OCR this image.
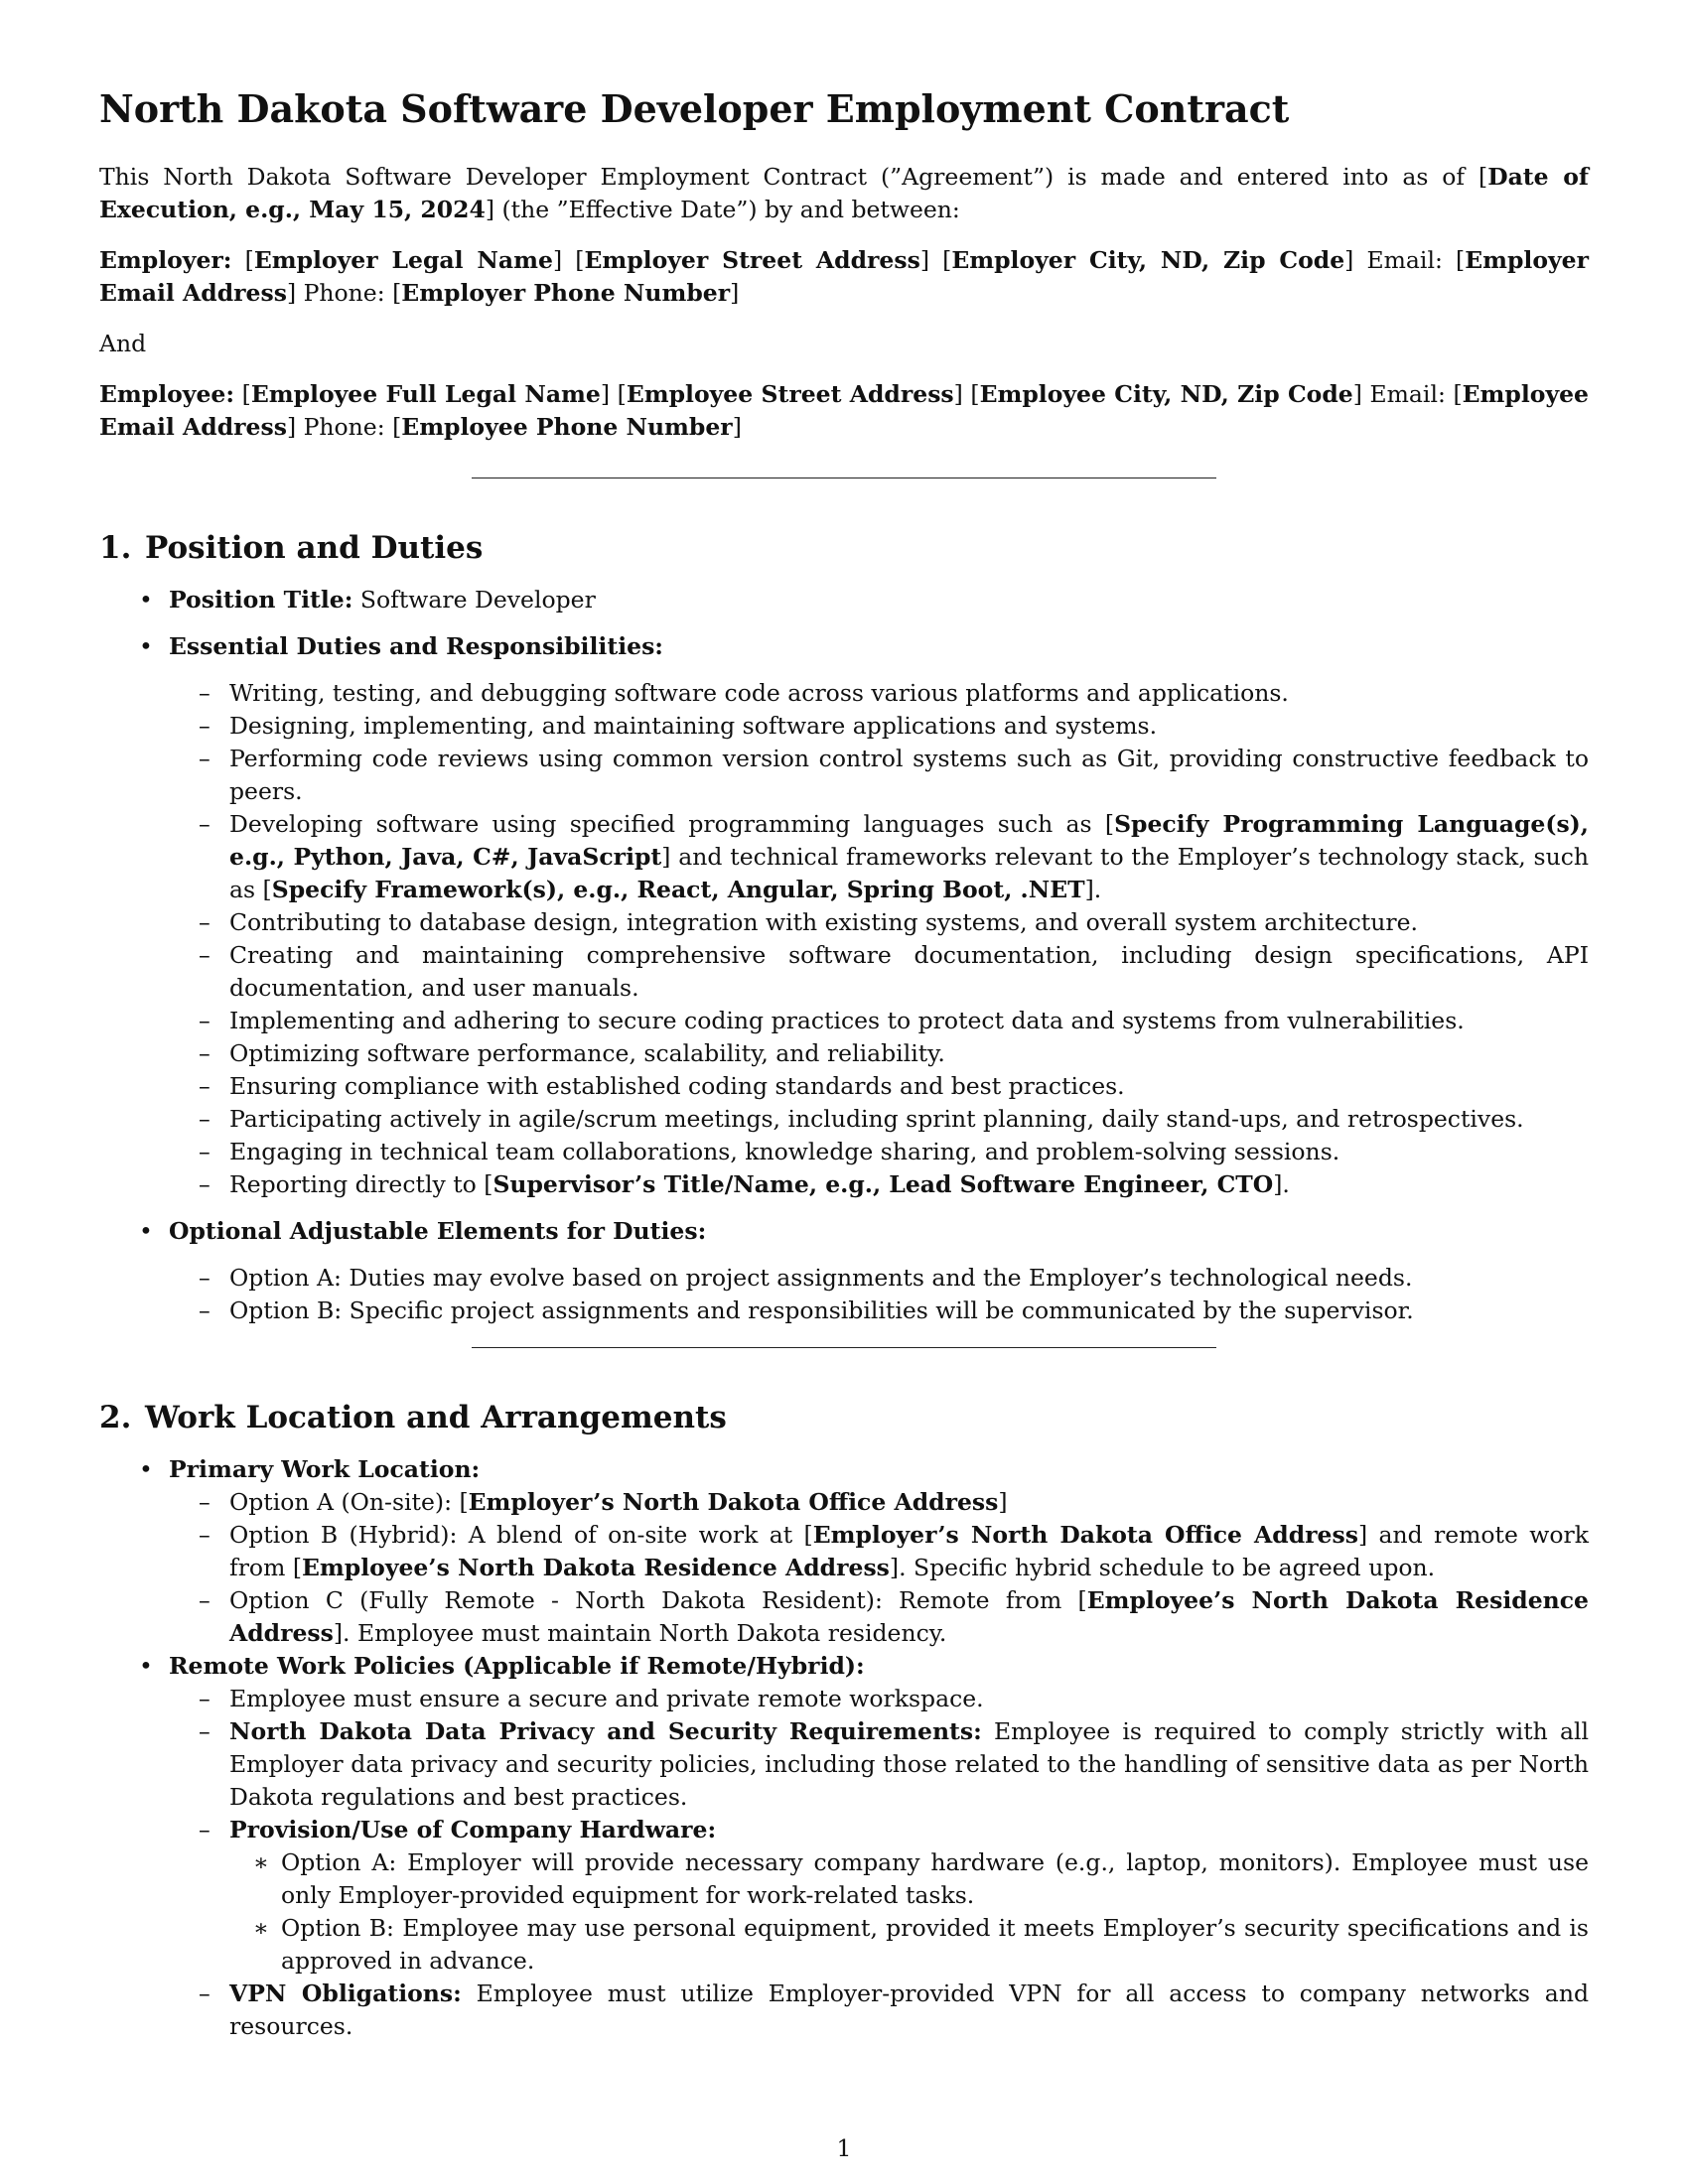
North Dakota Software Developer Employment Contract

This North Dakota Software Developer Employment Contract (”Agreement”) is made and entered into as of [Date of Execution, e.g., May 15, 2024] (the ”Effective Date”) by and between:

Employer: [Employer Legal Name] [Employer Street Address] [Employer City, ND, Zip Code] Email: [Employer Email Address] Phone: [Employer Phone Number]

And

Employee: [Employee Full Legal Name] [Employee Street Address] [Employee City, ND, Zip Code] Email: [Employee Email Address] Phone: [Employee Phone Number]

1. Position and Duties
• Position Title: Software Developer
• Essential Duties and Responsibilities:
– Writing, testing, and debugging software code across various platforms and applications.
– Designing, implementing, and maintaining software applications and systems.
– Performing code reviews using common version control systems such as Git, providing constructive feedback to peers.
– Developing software using specified programming languages such as [Specify Programming Language(s), e.g., Python, Java, C#, JavaScript] and technical frameworks relevant to the Employer’s technology stack, such as [Specify Framework(s), e.g., React, Angular, Spring Boot, .NET].
– Contributing to database design, integration with existing systems, and overall system architecture.
– Creating and maintaining comprehensive software documentation, including design specifications, API documentation, and user manuals.
– Implementing and adhering to secure coding practices to protect data and systems from vulnerabilities.
– Optimizing software performance, scalability, and reliability.
– Ensuring compliance with established coding standards and best practices.
– Participating actively in agile/scrum meetings, including sprint planning, daily stand-ups, and retrospectives.
– Engaging in technical team collaborations, knowledge sharing, and problem-solving sessions.
– Reporting directly to [Supervisor’s Title/Name, e.g., Lead Software Engineer, CTO].
• Optional Adjustable Elements for Duties:
– Option A: Duties may evolve based on project assignments and the Employer’s technological needs.
– Option B: Specific project assignments and responsibilities will be communicated by the supervisor.
2. Work Location and Arrangements
• Primary Work Location:
– Option A (On-site): [Employer’s North Dakota Office Address]
– Option B (Hybrid): A blend of on-site work at [Employer’s North Dakota Office Address] and remote work from [Employee’s North Dakota Residence Address]. Specific hybrid schedule to be agreed upon.
– Option C (Fully Remote - North Dakota Resident): Remote from [Employee’s North Dakota Residence Address]. Employee must maintain North Dakota residency.
• Remote Work Policies (Applicable if Remote/Hybrid):
– Employee must ensure a secure and private remote workspace.
– North Dakota Data Privacy and Security Requirements: Employee is required to comply strictly with all Employer data privacy and security policies, including those related to the handling of sensitive data as per North Dakota regulations and best practices.
– Provision/Use of Company Hardware:
∗ Option A: Employer will provide necessary company hardware (e.g., laptop, monitors). Employee must use only Employer-provided equipment for work-related tasks.
∗ Option B: Employee may use personal equipment, provided it meets Employer’s security specifications and is approved in advance.
– VPN Obligations: Employee must utilize Employer-provided VPN for all access to company networks and resources.
1
